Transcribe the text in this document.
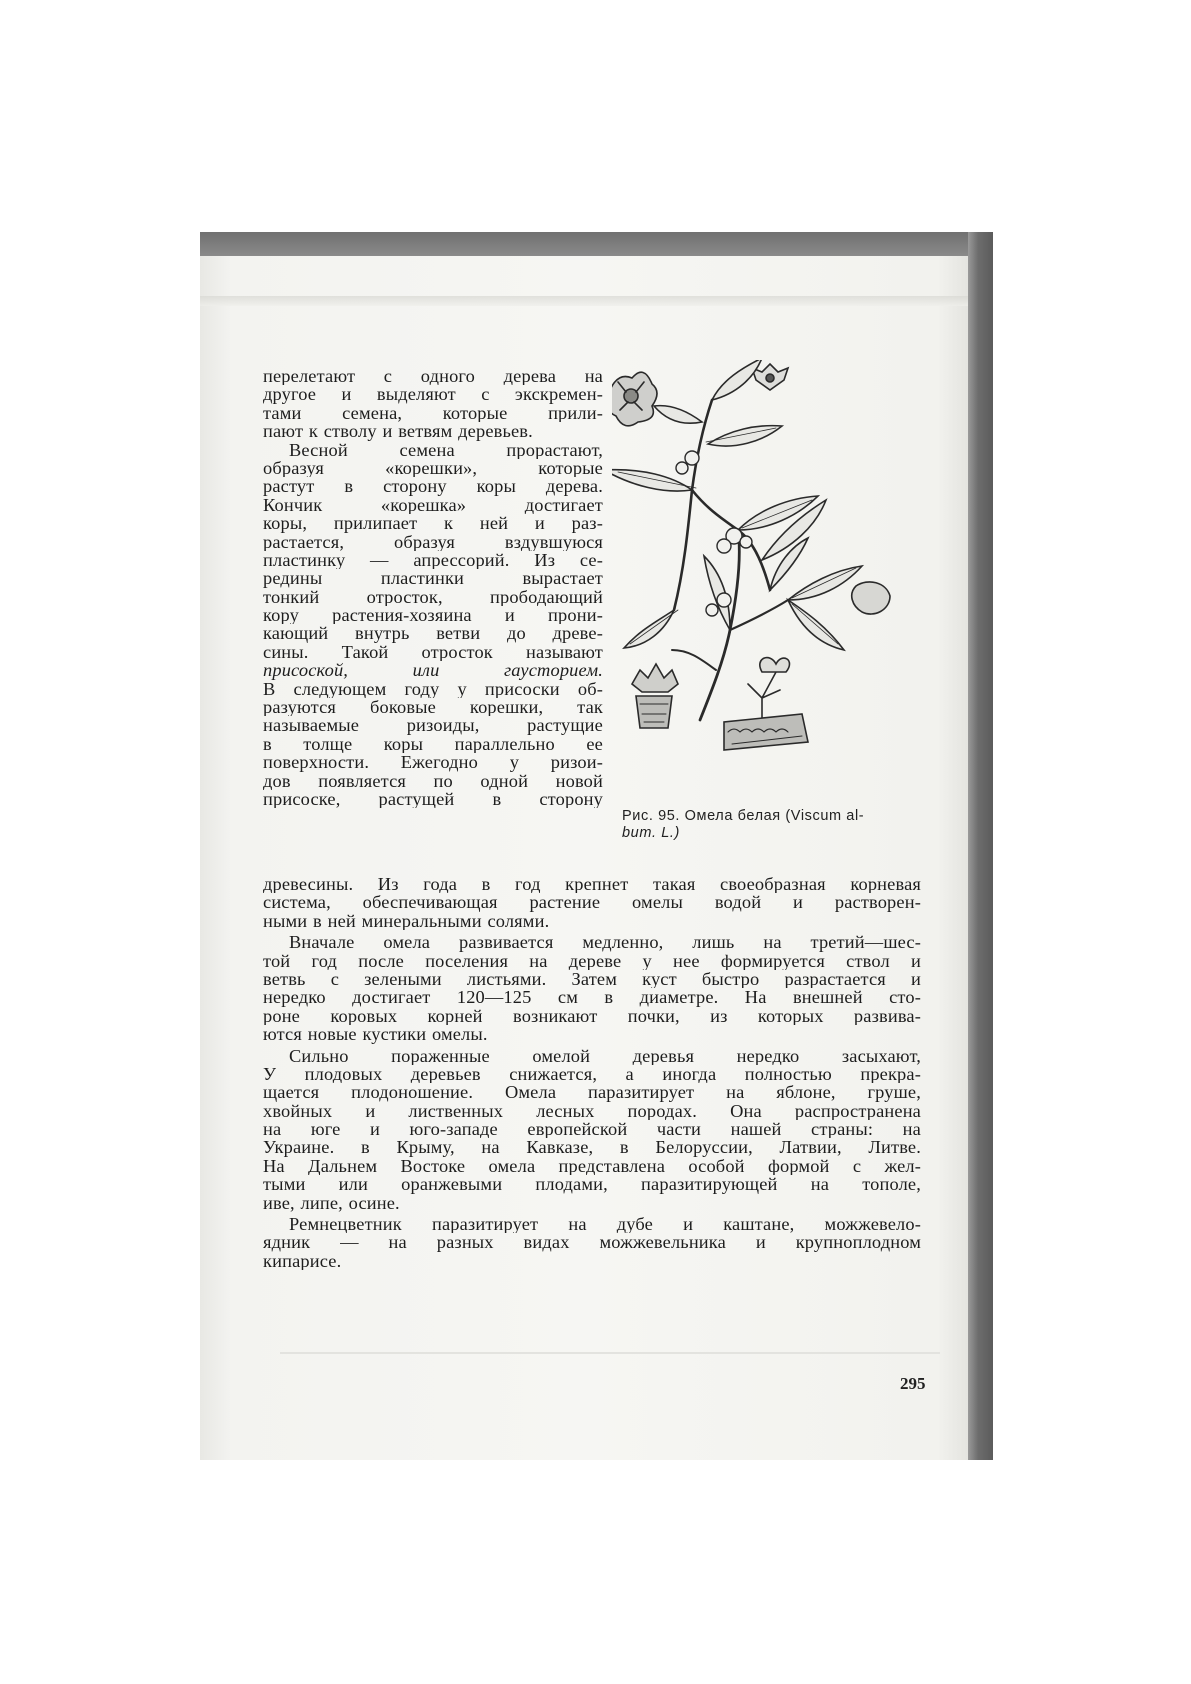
перелетают с одного дерева на
другое и выделяют с экскремен-
тами семена, которые прили-
пают к стволу и ветвям деревьев.
Весной семена прорастают,
образуя «корешки», которые
растут в сторону коры дерева.
Кончик «корешка» достигает
коры, прилипает к ней и раз-
растается, образуя вздувшуюся
пластинку — апрессорий. Из се-
редины пластинки вырастает
тонкий отросток, прободающий
кору растения-хозяина и прони-
кающий внутрь ветви до древе-
сины. Такой отросток называют
присоской, или гаусторием.
В следующем году у присоски об-
разуются боковые корешки, так
называемые ризоиды, растущие
в толще коры параллельно ее
поверхности. Ежегодно у ризои-
дов появляется по одной новой
присоске, растущей в сторону
Рис. 95. Омела белая (Viscum al-
bum. L.)
древесины. Из года в год крепнет такая своеобразная корневая
система, обеспечивающая растение омелы водой и растворен-
ными в ней минеральными солями.
Вначале омела развивается медленно, лишь на третий—шес-
той год после поселения на дереве у нее формируется ствол и
ветвь с зелеными листьями. Затем куст быстро разрастается и
нередко достигает 120—125 см в диаметре. На внешней сто-
роне коровых корней возникают почки, из которых развива-
ются новые кустики омелы.
Сильно пораженные омелой деревья нередко засыхают,
У плодовых деревьев снижается, а иногда полностью прекра-
щается плодоношение. Омела паразитирует на яблоне, груше,
хвойных и лиственных лесных породах. Она распространена
на юге и юго-западе европейской части нашей страны: на
Украине. в Крыму, на Кавказе, в Белоруссии, Латвии, Литве.
На Дальнем Востоке омела представлена особой формой с жел-
тыми или оранжевыми плодами, паразитирующей на тополе,
иве, липе, осине.
Ремнецветник паразитирует на дубе и каштане, можжевело-
ядник — на разных видах можжевельника и крупноплодном
кипарисе.
295
